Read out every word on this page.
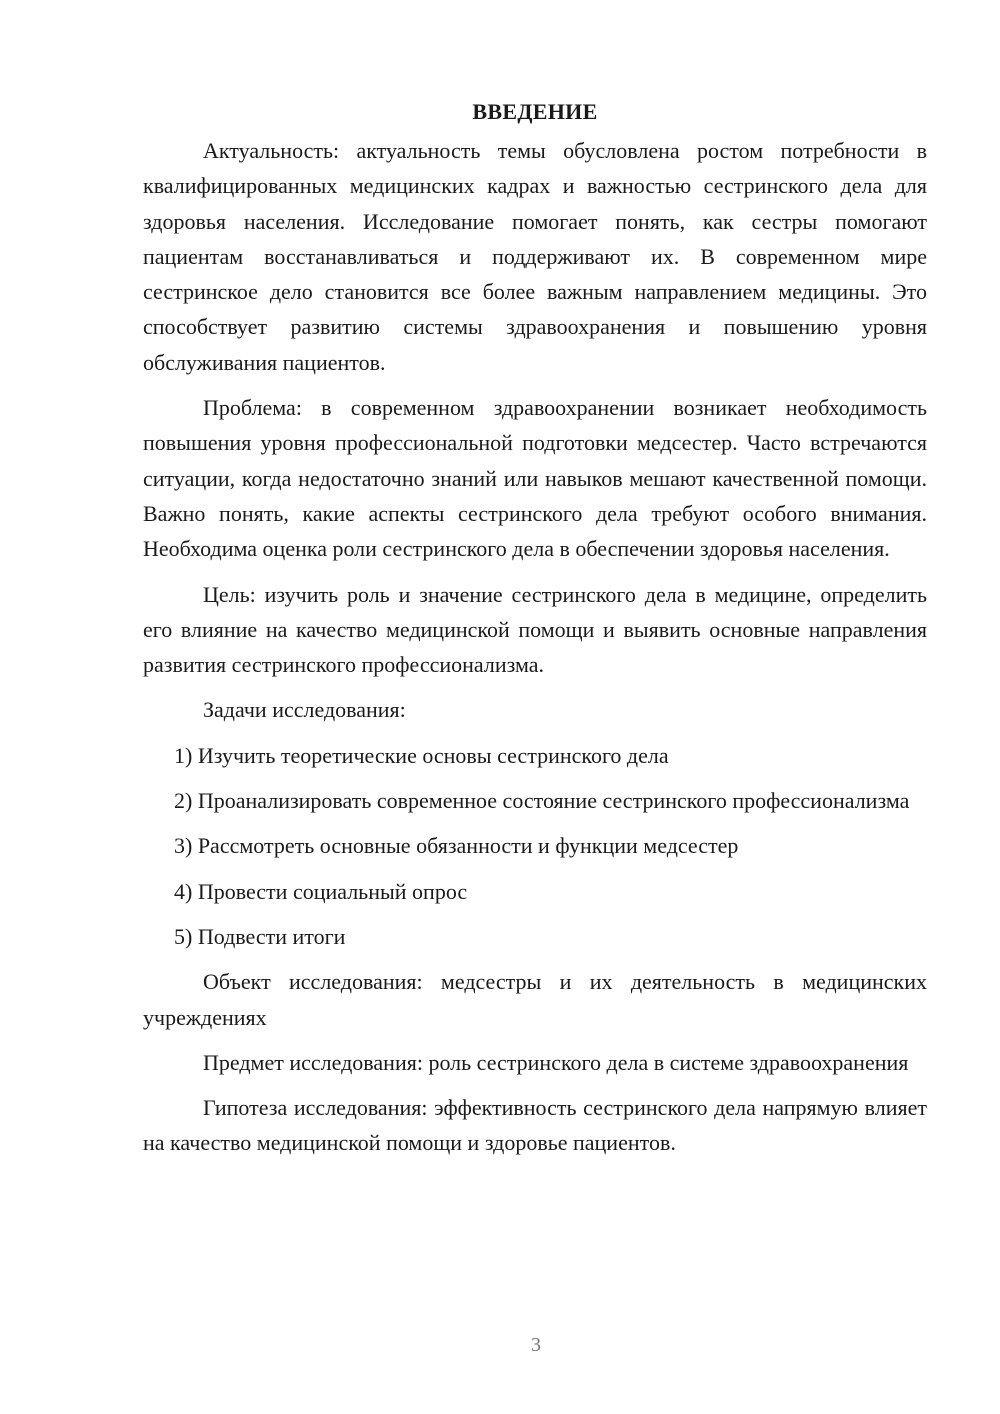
ВВЕДЕНИЕ

Актуальность: актуальность темы обусловлена ростом потребности в квалифицированных медицинских кадрах и важностью сестринского дела для здоровья населения. Исследование помогает понять, как сестры помогают пациентам восстанавливаться и поддерживают их. В современном мире сестринское дело становится все более важным направлением медицины. Это способствует развитию системы здравоохранения и повышению уровня обслуживания пациентов.

Проблема: в современном здравоохранении возникает необходимость повышения уровня профессиональной подготовки медсестер. Часто встречаются ситуации, когда недостаточно знаний или навыков мешают качественной помощи. Важно понять, какие аспекты сестринского дела требуют особого внимания. Необходима оценка роли сестринского дела в обеспечении здоровья населения.

Цель: изучить роль и значение сестринского дела в медицине, определить его влияние на качество медицинской помощи и выявить основные направления развития сестринского профессионализма.

Задачи исследования:

1) Изучить теоретические основы сестринского дела

2) Проанализировать современное состояние сестринского профессионализма

3) Рассмотреть основные обязанности и функции медсестер

4) Провести социальный опрос

5) Подвести итоги

Объект исследования: медсестры и их деятельность в медицинских учреждениях

Предмет исследования: роль сестринского дела в системе здравоохранения

Гипотеза исследования: эффективность сестринского дела напрямую влияет на качество медицинской помощи и здоровье пациентов.

3
